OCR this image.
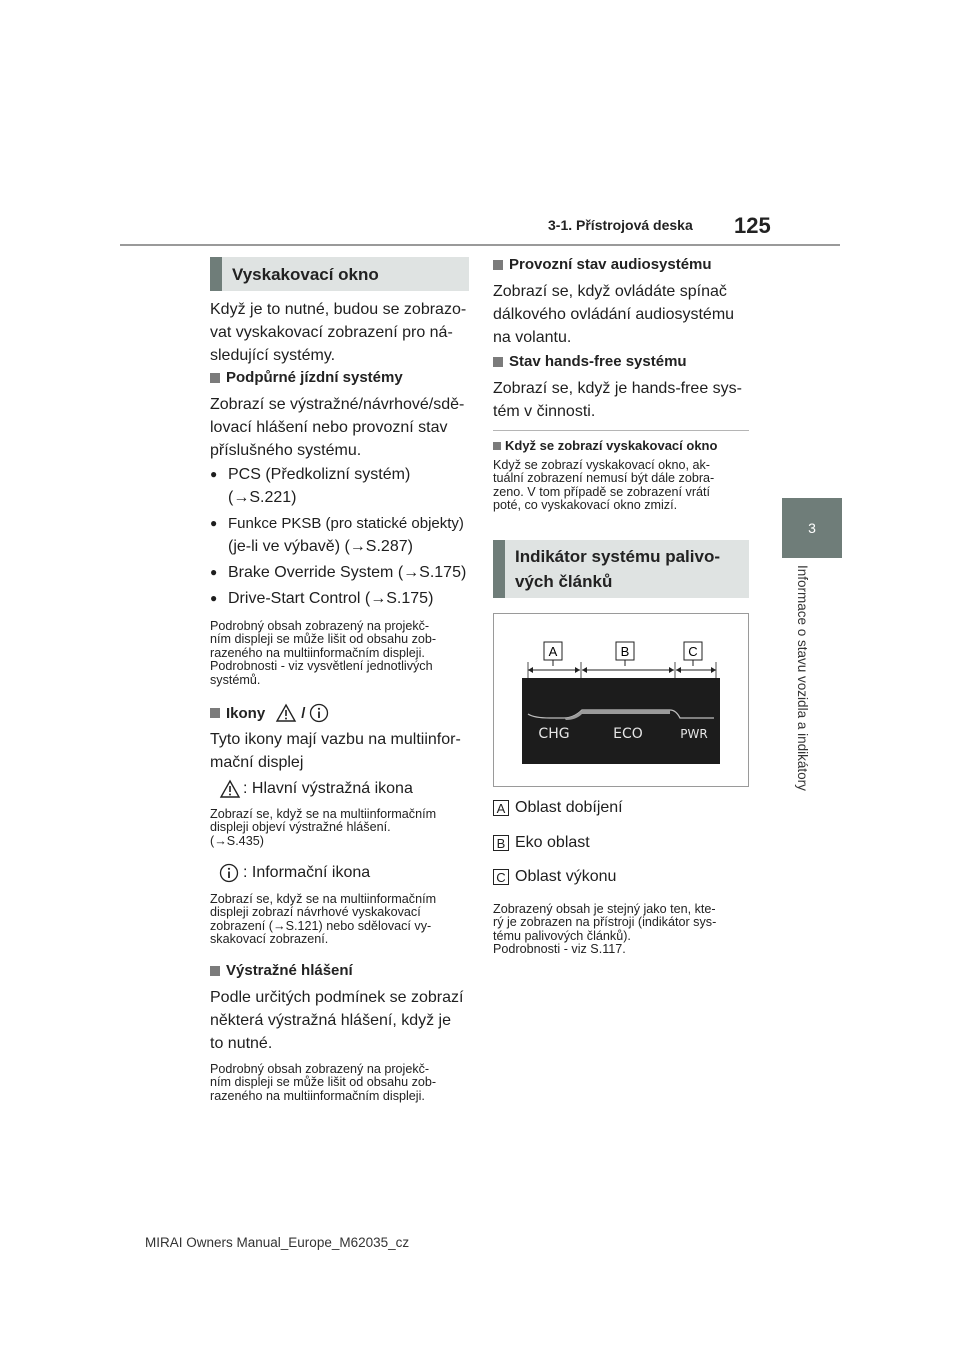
3-1. Přístrojová deska 125
3
Informace o stavu vozidla a indikátory
Vyskakovací okno
Když je to nutné, budou se zobrazo-
vat vyskakovací zobrazení pro ná-
sledující systémy.
Podpůrné jízdní systémy
Zobrazí se výstražné/návrhové/sdě-
lovací hlášení nebo provozní stav
příslušného systému.
● PCS (Předkolizní systém)
(→S.221)
● Funkce PKSB (pro statické objekty)
(je-li ve výbavě) (→S.287)
● Brake Override System (→S.175)
● Drive-Start Control (→S.175)
Podrobný obsah zobrazený na projekč-
ním displeji se může lišit od obsahu zob-
razeného na multiinformačním displeji.
Podrobnosti - viz vysvětlení jednotlivých
systémů.
Ikony /
Tyto ikony mají vazbu na multiinfor-
mační displej
: Hlavní výstražná ikona
Zobrazí se, když se na multiinformačním
displeji objeví výstražné hlášení.
(→S.435)
: Informační ikona
Zobrazí se, když se na multiinformačním
displeji zobrazí návrhové vyskakovací
zobrazení (→S.121) nebo sdělovací vy-
skakovací zobrazení.
Výstražné hlášení
Podle určitých podmínek se zobrazí
některá výstražná hlášení, když je
to nutné.
Podrobný obsah zobrazený na projekč-
ním displeji se může lišit od obsahu zob-
razeného na multiinformačním displeji.
Provozní stav audiosystému
Zobrazí se, když ovládáte spínač
dálkového ovládání audiosystému
na volantu.
Stav hands-free systému
Zobrazí se, když je hands-free sys-
tém v činnosti.
Když se zobrazí vyskakovací okno
Když se zobrazí vyskakovací okno, ak-
tuální zobrazení nemusí být dále zobra-
zeno. V tom případě se zobrazení vrátí
poté, co vyskakovací okno zmizí.
Indikátor systému palivo-
vých článků
A	B	C
CHG	ECO	PWR
A Oblast dobíjení
B Eko oblast
C Oblast výkonu
Zobrazený obsah je stejný jako ten, kte-
rý je zobrazen na přístroji (indikátor sys-
tému palivových článků).
Podrobnosti - viz S.117.
MIRAI Owners Manual_Europe_M62035_cz
